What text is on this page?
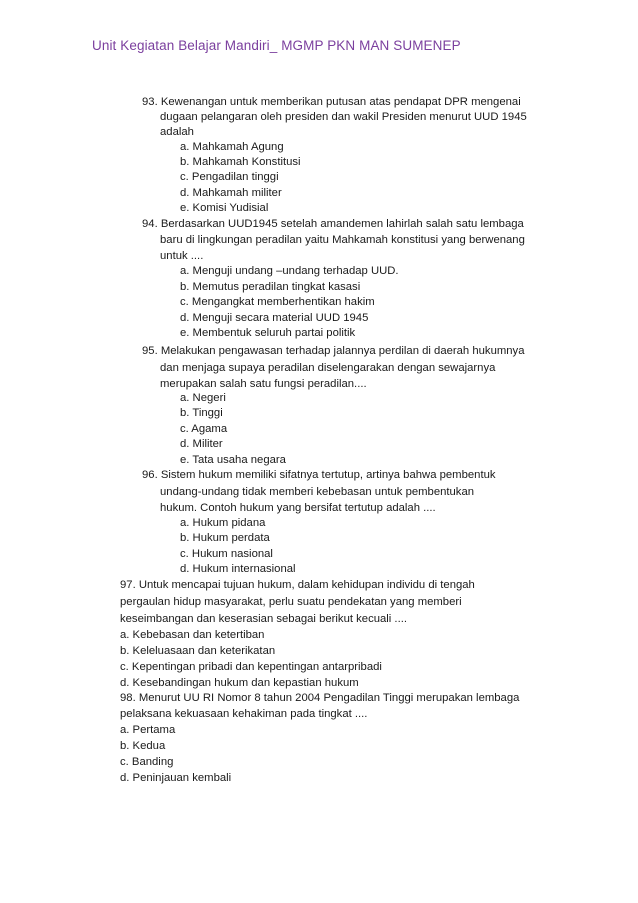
Unit Kegiatan Belajar Mandiri_ MGMP PKN MAN SUMENEP
93. Kewenangan untuk memberikan putusan atas pendapat DPR mengenai
dugaan pelangaran oleh presiden dan wakil Presiden menurut UUD 1945
adalah
a. Mahkamah Agung
b. Mahkamah Konstitusi
c. Pengadilan tinggi
d. Mahkamah militer
e. Komisi Yudisial
94. Berdasarkan UUD1945 setelah amandemen lahirlah salah satu lembaga
baru di lingkungan peradilan yaitu Mahkamah konstitusi yang berwenang
untuk ....
a. Menguji undang –undang terhadap UUD.
b. Memutus peradilan tingkat kasasi
c. Mengangkat memberhentikan hakim
d. Menguji secara material UUD 1945
e. Membentuk seluruh partai politik
95. Melakukan pengawasan terhadap jalannya perdilan di daerah hukumnya
dan menjaga supaya peradilan diselengarakan dengan sewajarnya
merupakan salah satu fungsi peradilan....
a. Negeri
b. Tinggi
c. Agama
d. Militer
e. Tata usaha negara
96. Sistem hukum memiliki sifatnya tertutup, artinya bahwa pembentuk
undang-undang tidak memberi kebebasan untuk pembentukan
hukum. Contoh hukum yang bersifat tertutup adalah ....
a. Hukum pidana
b. Hukum perdata
c. Hukum nasional
d. Hukum internasional
97. Untuk mencapai tujuan hukum, dalam kehidupan individu di tengah
pergaulan hidup masyarakat, perlu suatu pendekatan yang memberi
keseimbangan dan keserasian sebagai berikut kecuali ....
a. Kebebasan dan ketertiban
b. Keleluasaan dan keterikatan
c. Kepentingan pribadi dan kepentingan antarpribadi
d. Kesebandingan hukum dan kepastian hukum
98. Menurut UU RI Nomor 8 tahun 2004 Pengadilan Tinggi merupakan lembaga
pelaksana kekuasaan kehakiman pada tingkat ....
a. Pertama
b. Kedua
c. Banding
d. Peninjauan kembali
